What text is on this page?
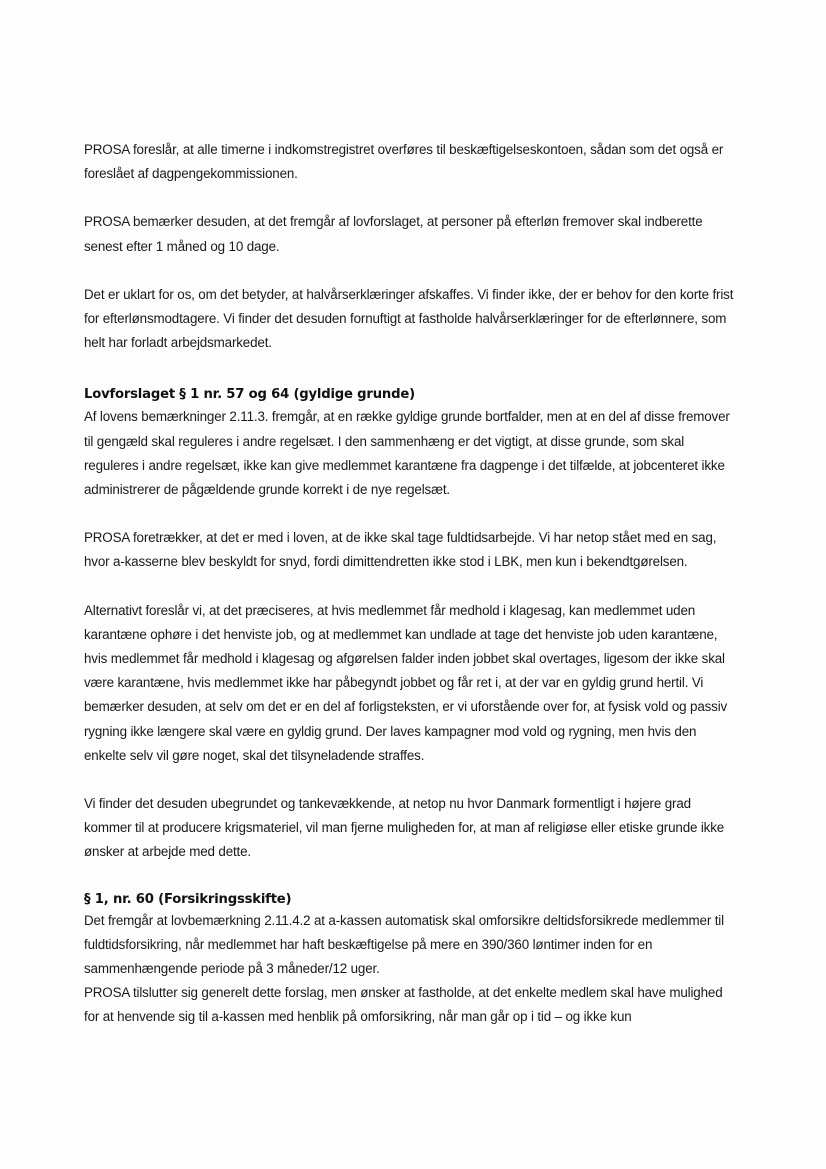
PROSA foreslår, at alle timerne i indkomstregistret overføres til beskæftigelseskontoen, sådan som det også er foreslået af dagpengekommissionen.

PROSA bemærker desuden, at det fremgår af lovforslaget, at personer på efterløn fremover skal indberette senest efter 1 måned og 10 dage.

Det er uklart for os, om det betyder, at halvårserklæringer afskaffes. Vi finder ikke, der er behov for den korte frist for efterlønsmodtagere. Vi finder det desuden fornuftigt at fastholde halvårserklæringer for de efterlønnere, som helt har forladt arbejdsmarkedet.

Lovforslaget § 1 nr. 57 og 64 (gyldige grunde)

Af lovens bemærkninger 2.11.3. fremgår, at en række gyldige grunde bortfalder, men at en del af disse fremover til gengæld skal reguleres i andre regelsæt. I den sammenhæng er det vigtigt, at disse grunde, som skal reguleres i andre regelsæt, ikke kan give medlemmet karantæne fra dagpenge i det tilfælde, at jobcenteret ikke administrerer de pågældende grunde korrekt i de nye regelsæt.

PROSA foretrækker, at det er med i loven, at de ikke skal tage fuldtidsarbejde. Vi har netop stået med en sag, hvor a-kasserne blev beskyldt for snyd, fordi dimittendretten ikke stod i LBK, men kun i bekendtgørelsen.

Alternativt foreslår vi, at det præciseres, at hvis medlemmet får medhold i klagesag, kan medlemmet uden karantæne ophøre i det henviste job, og at medlemmet kan undlade at tage det henviste job uden karantæne, hvis medlemmet får medhold i klagesag og afgørelsen falder inden jobbet skal overtages, ligesom der ikke skal være karantæne, hvis medlemmet ikke har påbegyndt jobbet og får ret i, at der var en gyldig grund hertil. Vi bemærker desuden, at selv om det er en del af forligsteksten, er vi uforstående over for, at fysisk vold og passiv rygning ikke længere skal være en gyldig grund. Der laves kampagner mod vold og rygning, men hvis den enkelte selv vil gøre noget, skal det tilsyneladende straffes.

Vi finder det desuden ubegrundet og tankevækkende, at netop nu hvor Danmark formentligt i højere grad kommer til at producere krigsmateriel, vil man fjerne muligheden for, at man af religiøse eller etiske grunde ikke ønsker at arbejde med dette.

§ 1, nr. 60 (Forsikringsskifte)

Det fremgår at lovbemærkning 2.11.4.2 at a-kassen automatisk skal omforsikre deltidsforsikrede medlemmer til fuldtidsforsikring, når medlemmet har haft beskæftigelse på mere en 390/360 løntimer inden for en sammenhængende periode på 3 måneder/12 uger.

PROSA tilslutter sig generelt dette forslag, men ønsker at fastholde, at det enkelte medlem skal have mulighed for at henvende sig til a-kassen med henblik på omforsikring, når man går op i tid – og ikke kun
